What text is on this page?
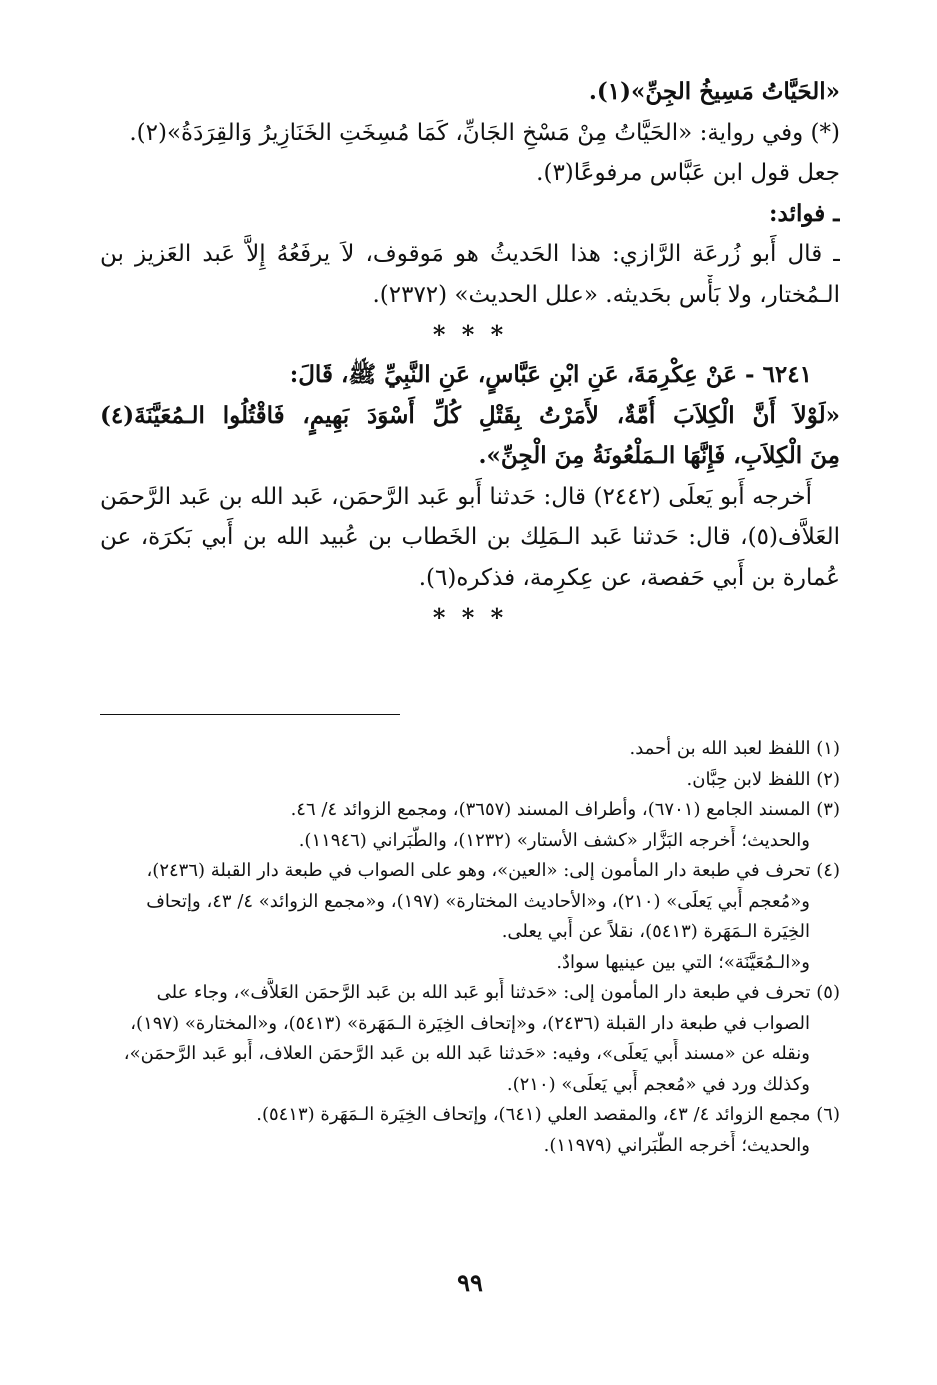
«الحَيَّاتُ مَسِيخُ الجِنِّ»(١).
(*) وفي رواية: «الحَيَّاتُ مِنْ مَسْخِ الجَانِّ، كَمَا مُسِخَتِ الخَنَازِيرُ وَالقِرَدَةُ»(٢).
جعل قول ابن عَبَّاس مرفوعًا(٣).
ـ فوائد:
ـ قال أَبو زُرعَة الرَّازي: هذا الحَديثُ هو مَوقوف، لاَ يرفَعُهُ إِلاَّ عَبد العَزيز بن
الـمُختار، ولا بَأْس بحَديثه. «علل الحديث» (٢٣٧٢).
* * *
٦٢٤١ - عَنْ عِكْرِمَةَ، عَنِ ابْنِ عَبَّاسٍ، عَنِ النَّبِيِّ ﷺ، قَالَ:
«لَوْلاَ أَنَّ الْكِلاَبَ أُمَّةٌ، لأَمَرْتُ بِقَتْلِ كُلِّ أَسْوَدَ بَهِيمٍ، فَاقْتُلُوا الـمُعَيَّنَةَ(٤)
مِنَ الْكِلاَبِ، فَإِنَّهَا الـمَلْعُونَةُ مِنَ الْجِنِّ».
أَخرجه أَبو يَعلَى (٢٤٤٢) قال: حَدثنا أَبو عَبد الرَّحمَن، عَبد الله بن عَبد الرَّحمَن
العَلاَّف(٥)، قال: حَدثنا عَبد الـمَلِك بن الخَطاب بن عُبيد الله بن أَبي بَكرَة، عن
عُمارة بن أَبي حَفصة، عن عِكرِمة، فذكره(٦).
* * *
(١) اللفظ لعبد الله بن أحمد.
(٢) اللفظ لابن حِبَّان.
(٣) المسند الجامع (٦٧٠١)، وأطراف المسند (٣٦٥٧)، ومجمع الزوائد ٤/ ٤٦.
والحديث؛ أَخرجه البَزَّار «كشف الأستار» (١٢٣٢)، والطَّبَراني (١١٩٤٦).
(٤) تحرف في طبعة دار المأمون إلى: «العين»، وهو على الصواب في طبعة دار القبلة (٢٤٣٦)،
و«مُعجم أَبي يَعلَى» (٢١٠)، و«الأحاديث المختارة» (١٩٧)، و«مجمع الزوائد» ٤/ ٤٣، وإتحاف
الخِيَرة الـمَهَرة (٥٤١٣)، نقلاً عن أَبي يعلى.
و«الـمُعَيَّنَة»؛ التي بين عينيها سوادٌ.
(٥) تحرف في طبعة دار المأمون إلى: «حَدثنا أَبو عَبد الله بن عَبد الرَّحمَن العَلاَّف»، وجاء على
الصواب في طبعة دار القبلة (٢٤٣٦)، و«إتحاف الخِيَرة الـمَهَرة» (٥٤١٣)، و«المختارة» (١٩٧)،
ونقله عن «مسند أَبي يَعلَى»، وفيه: «حَدثنا عَبد الله بن عَبد الرَّحمَن العلاف، أَبو عَبد الرَّحمَن»،
وكذلك ورد في «مُعجم أَبي يَعلَى» (٢١٠).
(٦) مجمع الزوائد ٤/ ٤٣، والمقصد العلي (٦٤١)، وإتحاف الخِيَرة الـمَهَرة (٥٤١٣).
والحديث؛ أَخرجه الطَّبَراني (١١٩٧٩).
٩٩
